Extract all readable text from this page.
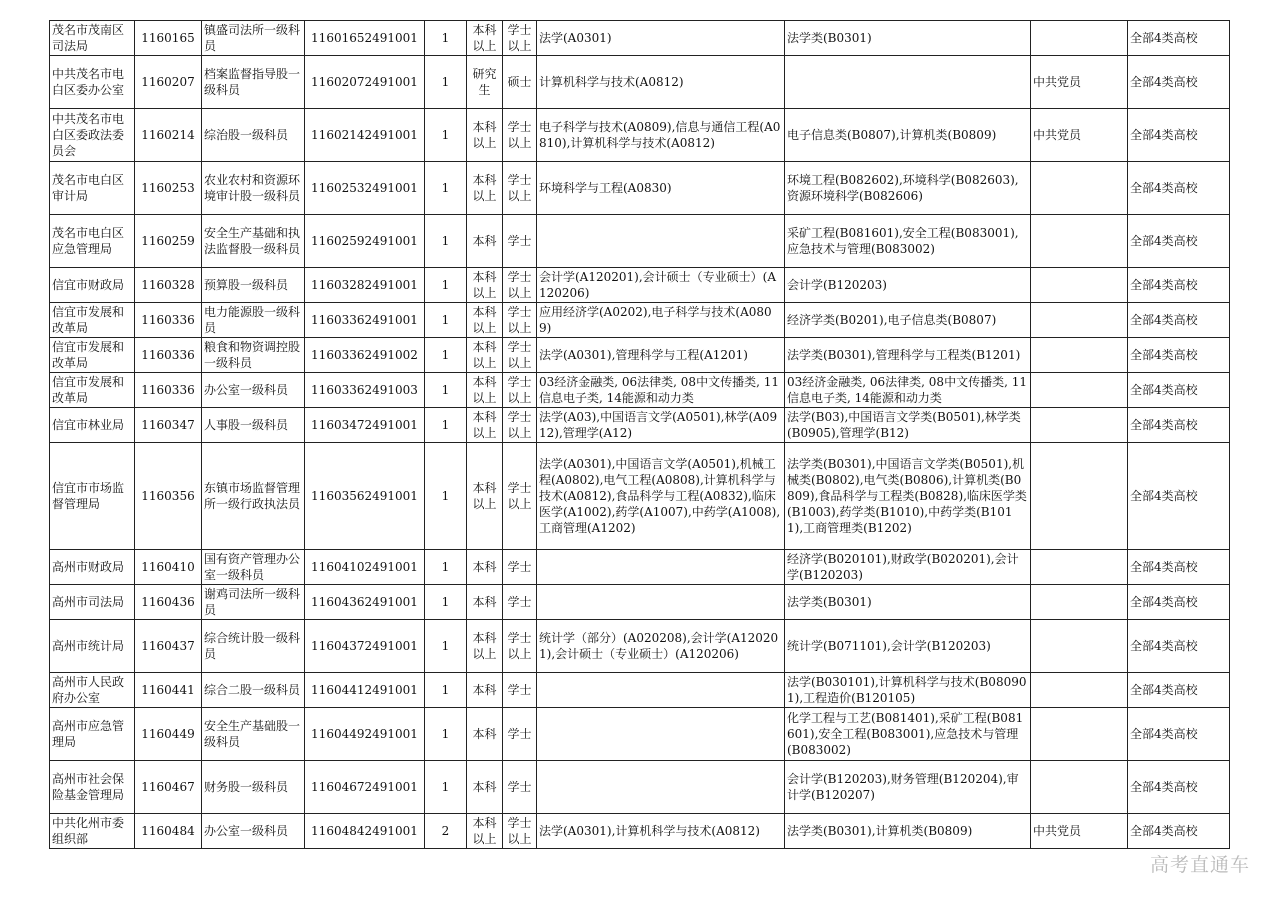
茂名市茂南区司法局	1160165	镇盛司法所一级科员	11601652491001	1	本科以上	学士以上	法学(A0301)	法学类(B0301)		全部4类高校
中共茂名市电白区委办公室	1160207	档案监督指导股一级科员	11602072491001	1	研究生	硕士	计算机科学与技术(A0812)		中共党员	全部4类高校
中共茂名市电白区委政法委员会	1160214	综治股一级科员	11602142491001	1	本科以上	学士以上	电子科学与技术(A0809),信息与通信工程(A0810),计算机科学与技术(A0812)	电子信息类(B0807),计算机类(B0809)	中共党员	全部4类高校
茂名市电白区审计局	1160253	农业农村和资源环境审计股一级科员	11602532491001	1	本科以上	学士以上	环境科学与工程(A0830)	环境工程(B082602),环境科学(B082603),资源环境科学(B082606)		全部4类高校
茂名市电白区应急管理局	1160259	安全生产基础和执法监督股一级科员	11602592491001	1	本科	学士		采矿工程(B081601),安全工程(B083001),应急技术与管理(B083002)		全部4类高校
信宜市财政局	1160328	预算股一级科员	11603282491001	1	本科以上	学士以上	会计学(A120201),会计硕士（专业硕士）(A120206)	会计学(B120203)		全部4类高校
信宜市发展和改革局	1160336	电力能源股一级科员	11603362491001	1	本科以上	学士以上	应用经济学(A0202),电子科学与技术(A0809)	经济学类(B0201),电子信息类(B0807)		全部4类高校
信宜市发展和改革局	1160336	粮食和物资调控股一级科员	11603362491002	1	本科以上	学士以上	法学(A0301),管理科学与工程(A1201)	法学类(B0301),管理科学与工程类(B1201)		全部4类高校
信宜市发展和改革局	1160336	办公室一级科员	11603362491003	1	本科以上	学士以上	03经济金融类, 06法律类, 08中文传播类, 11信息电子类, 14能源和动力类	03经济金融类, 06法律类, 08中文传播类, 11信息电子类, 14能源和动力类		全部4类高校
信宜市林业局	1160347	人事股一级科员	11603472491001	1	本科以上	学士以上	法学(A03),中国语言文学(A0501),林学(A0912),管理学(A12)	法学(B03),中国语言文学类(B0501),林学类(B0905),管理学(B12)		全部4类高校
信宜市市场监督管理局	1160356	东镇市场监督管理所一级行政执法员	11603562491001	1	本科以上	学士以上	法学(A0301),中国语言文学(A0501),机械工程(A0802),电气工程(A0808),计算机科学与技术(A0812),食品科学与工程(A0832),临床医学(A1002),药学(A1007),中药学(A1008),工商管理(A1202)	法学类(B0301),中国语言文学类(B0501),机械类(B0802),电气类(B0806),计算机类(B0809),食品科学与工程类(B0828),临床医学类(B1003),药学类(B1010),中药学类(B1011),工商管理类(B1202)		全部4类高校
高州市财政局	1160410	国有资产管理办公室一级科员	11604102491001	1	本科	学士		经济学(B020101),财政学(B020201),会计学(B120203)		全部4类高校
高州市司法局	1160436	谢鸡司法所一级科员	11604362491001	1	本科	学士		法学类(B0301)		全部4类高校
高州市统计局	1160437	综合统计股一级科员	11604372491001	1	本科以上	学士以上	统计学（部分）(A020208),会计学(A120201),会计硕士（专业硕士）(A120206)	统计学(B071101),会计学(B120203)		全部4类高校
高州市人民政府办公室	1160441	综合二股一级科员	11604412491001	1	本科	学士		法学(B030101),计算机科学与技术(B080901),工程造价(B120105)		全部4类高校
高州市应急管理局	1160449	安全生产基础股一级科员	11604492491001	1	本科	学士		化学工程与工艺(B081401),采矿工程(B081601),安全工程(B083001),应急技术与管理(B083002)		全部4类高校
高州市社会保险基金管理局	1160467	财务股一级科员	11604672491001	1	本科	学士		会计学(B120203),财务管理(B120204),审计学(B120207)		全部4类高校
中共化州市委组织部	1160484	办公室一级科员	11604842491001	2	本科以上	学士以上	法学(A0301),计算机科学与技术(A0812)	法学类(B0301),计算机类(B0809)	中共党员	全部4类高校
高考直通车
